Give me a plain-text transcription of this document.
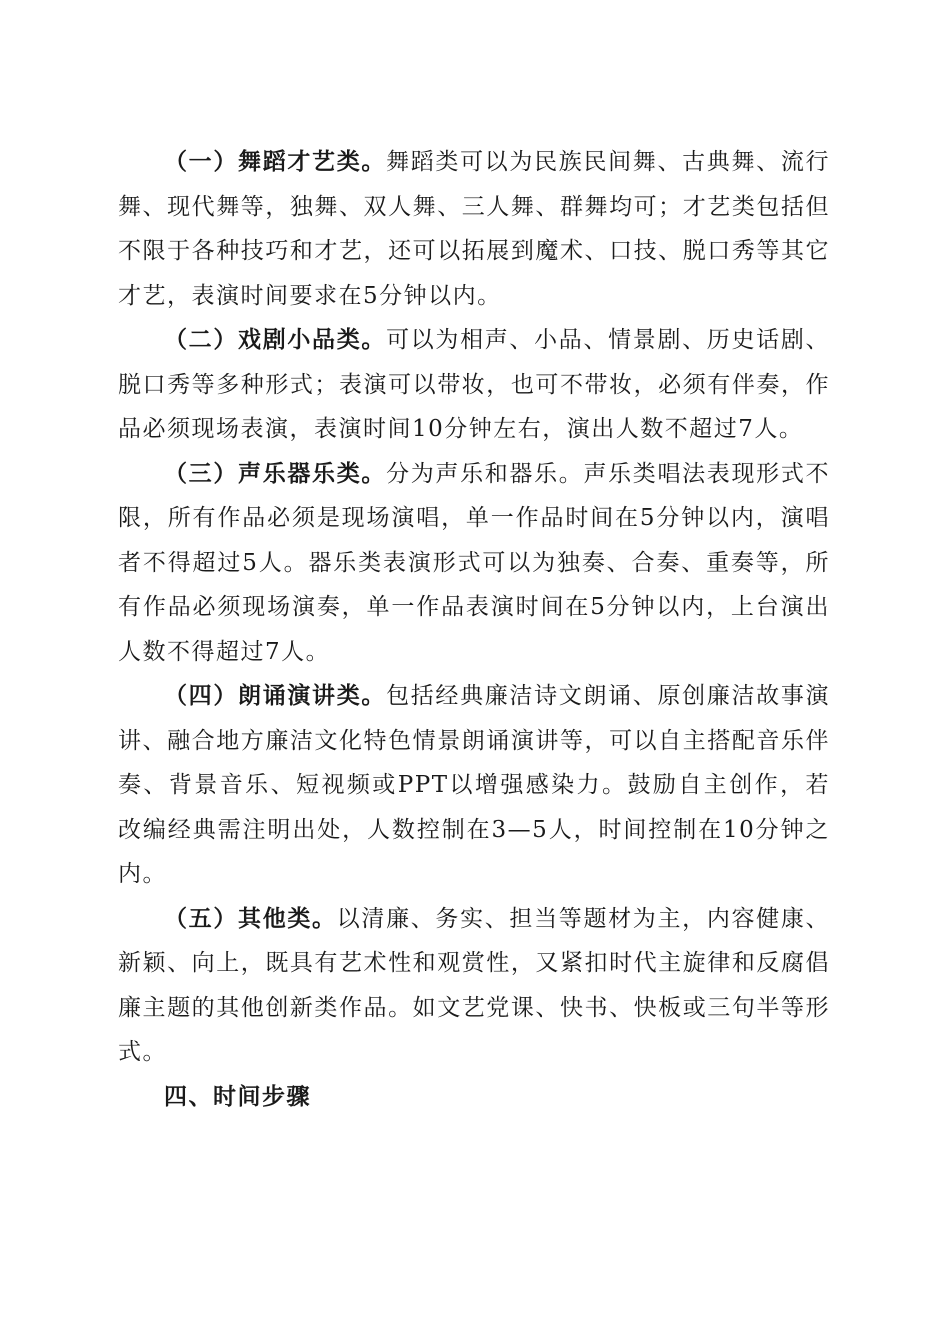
（一）舞蹈才艺类。舞蹈类可以为民族民间舞、古典舞、流行舞、现代舞等，独舞、双人舞、三人舞、群舞均可；才艺类包括但不限于各种技巧和才艺，还可以拓展到魔术、口技、脱口秀等其它才艺，表演时间要求在5分钟以内。

（二）戏剧小品类。可以为相声、小品、情景剧、历史话剧、脱口秀等多种形式；表演可以带妆，也可不带妆，必须有伴奏，作品必须现场表演，表演时间10分钟左右，演出人数不超过7人。

（三）声乐器乐类。分为声乐和器乐。声乐类唱法表现形式不限，所有作品必须是现场演唱，单一作品时间在5分钟以内，演唱者不得超过5人。器乐类表演形式可以为独奏、合奏、重奏等，所有作品必须现场演奏，单一作品表演时间在5分钟以内，上台演出人数不得超过7人。

（四）朗诵演讲类。包括经典廉洁诗文朗诵、原创廉洁故事演讲、融合地方廉洁文化特色情景朗诵演讲等，可以自主搭配音乐伴奏、背景音乐、短视频或PPT以增强感染力。鼓励自主创作，若改编经典需注明出处，人数控制在3—5人，时间控制在10分钟之内。

（五）其他类。以清廉、务实、担当等题材为主，内容健康、新颖、向上，既具有艺术性和观赏性，又紧扣时代主旋律和反腐倡廉主题的其他创新类作品。如文艺党课、快书、快板或三句半等形式。

四、时间步骤
